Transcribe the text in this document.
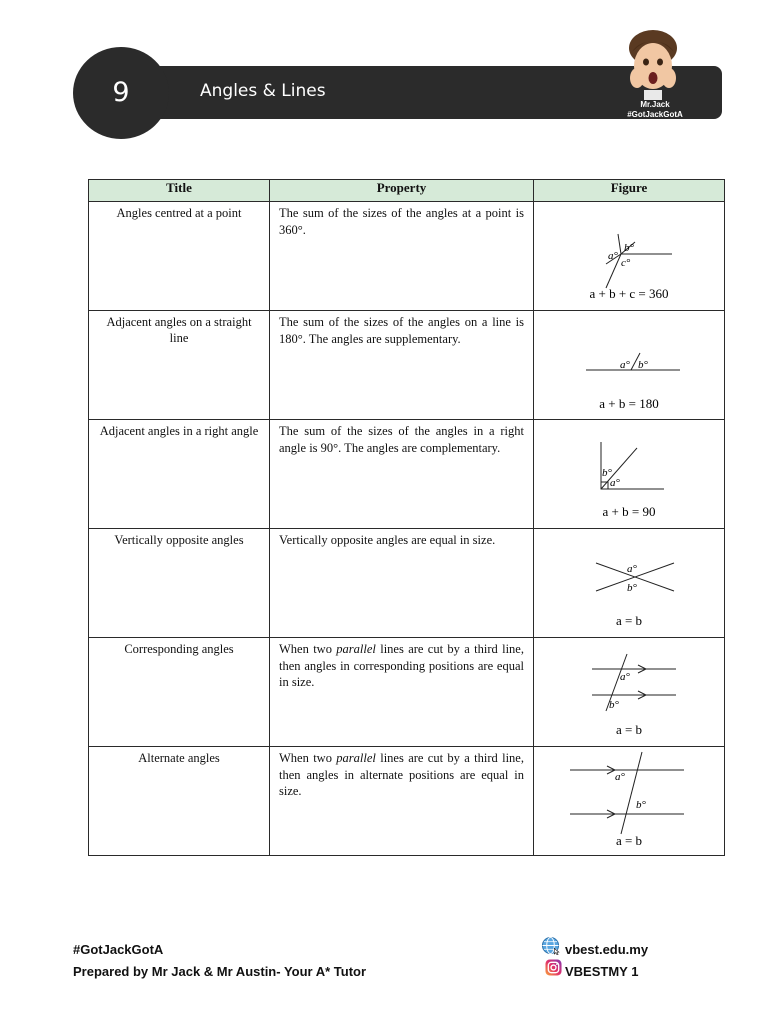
9	Angles & Lines
Mr.Jack
#GotJackGotA
Title	Property	Figure
Angles centred at a point	The sum of the sizes of the angles at a point is 360°.	a°
b°
c°
a + b + c = 360

Adjacent angles on a straight line	The sum of the sizes of the angles on a line is 180°. The angles are supplementary.	a° b°
a + b = 180

Adjacent angles in a right angle	The sum of the sizes of the angles in a right angle is 90°. The angles are complementary.	b°
a°
a + b = 90

Vertically opposite angles	Vertically opposite angles are equal in size.	a°
b°
a = b

Corresponding angles	When two parallel lines are cut by a third line, then angles in corresponding positions are equal in size.	a°
b°
a = b

Alternate angles	When two parallel lines are cut by a third line, then angles in alternate positions are equal in size.	a°
b°
a = b
#GotJackGotA
Prepared by Mr Jack & Mr Austin- Your A* Tutor
vbest.edu.my
VBESTMY 1
